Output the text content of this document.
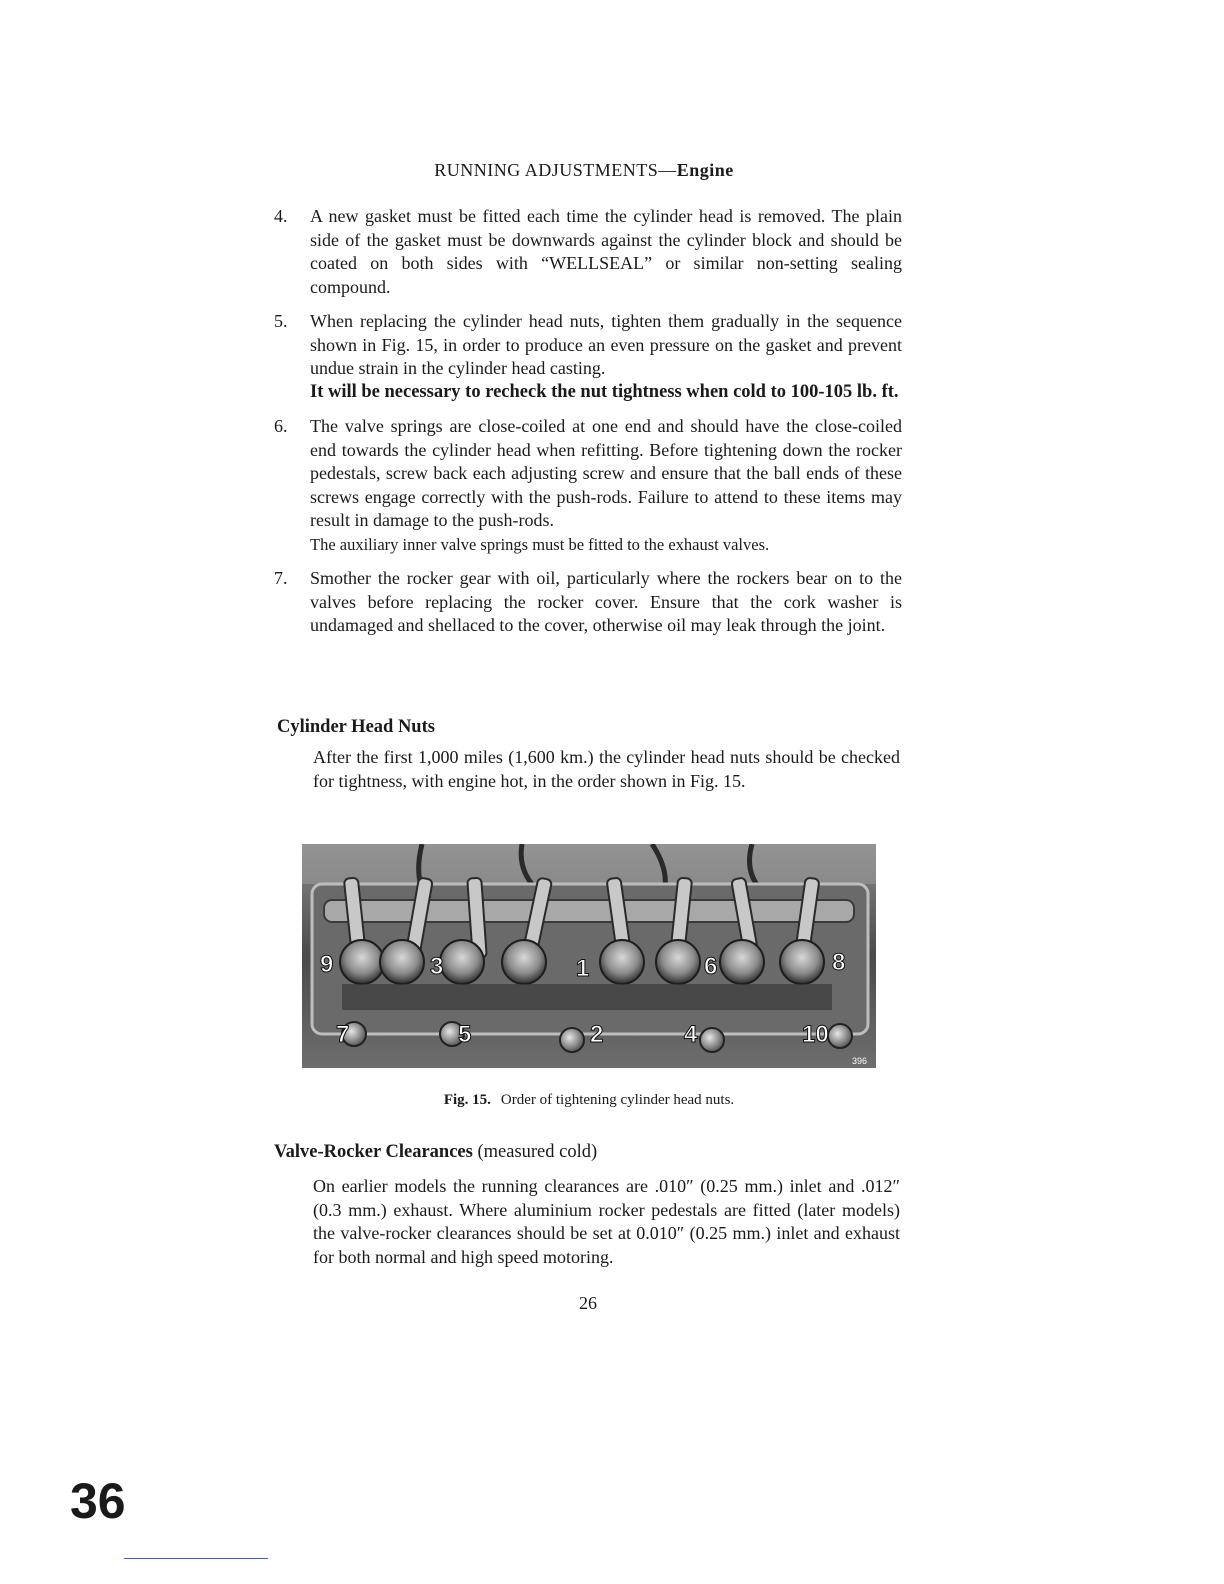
RUNNING ADJUSTMENTS—Engine
4. A new gasket must be fitted each time the cylinder head is removed. The plain side of the gasket must be downwards against the cylinder block and should be coated on both sides with “WELLSEAL” or similar non-setting sealing compound.
5. When replacing the cylinder head nuts, tighten them gradually in the sequence shown in Fig. 15, in order to produce an even pressure on the gasket and prevent undue strain in the cylinder head casting.
It will be necessary to recheck the nut tightness when cold to 100-105 lb. ft.
6. The valve springs are close-coiled at one end and should have the close-coiled end towards the cylinder head when refitting. Before tightening down the rocker pedestals, screw back each adjusting screw and ensure that the ball ends of these screws engage correctly with the push-rods. Failure to attend to these items may result in damage to the push-rods.
The auxiliary inner valve springs must be fitted to the exhaust valves.
7. Smother the rocker gear with oil, particularly where the rockers bear on to the valves before replacing the rocker cover. Ensure that the cork washer is undamaged and shellaced to the cover, otherwise oil may leak through the joint.
Cylinder Head Nuts
After the first 1,000 miles (1,600 km.) the cylinder head nuts should be checked for tightness, with engine hot, in the order shown in Fig. 15.
9	3	1	6	8
7	5	2	4	10
396
Fig. 15. Order of tightening cylinder head nuts.
Valve-Rocker Clearances (measured cold)
On earlier models the running clearances are .010″ (0.25 mm.) inlet and .012″ (0.3 mm.) exhaust. Where aluminium rocker pedestals are fitted (later models) the valve-rocker clearances should be set at 0.010″ (0.25 mm.) inlet and exhaust for both normal and high speed motoring.
26
36
